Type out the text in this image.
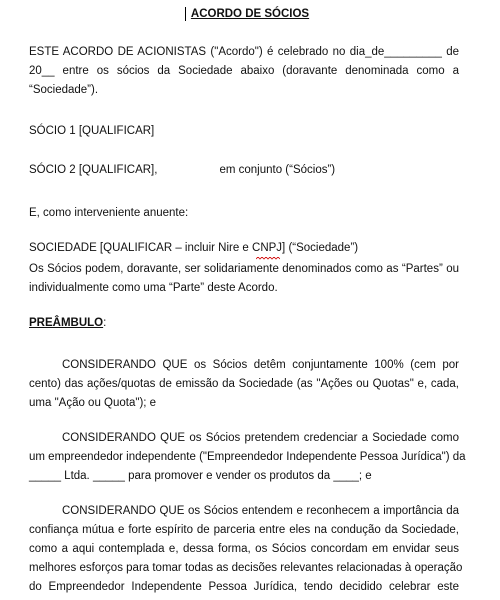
ACORDO DE SÓCIOS
ESTE ACORDO DE ACIONISTAS ("Acordo") é celebrado no dia_de_________ de
20__ entre os sócios da Sociedade abaixo (doravante denominada como a
“Sociedade”).
SÓCIO 1 [QUALIFICAR]
SÓCIO 2 [QUALIFICAR],	em conjunto (“Sócios”)
E, como interveniente anuente:
SOCIEDADE [QUALIFICAR – incluir Nire e CNPJ] (“Sociedade”)
Os Sócios podem, doravante, ser solidariamente denominados como as “Partes” ou
individualmente como uma “Parte” deste Acordo.
PREÂMBULO:
CONSIDERANDO QUE os Sócios detêm conjuntamente 100% (cem por
cento) das ações/quotas de emissão da Sociedade (as "Ações ou Quotas" e, cada,
uma "Ação ou Quota"); e
CONSIDERANDO QUE os Sócios pretendem credenciar a Sociedade como
um empreendedor independente ("Empreendedor Independente Pessoa Jurídica") da
_____ Ltda. _____ para promover e vender os produtos da ____; e
CONSIDERANDO QUE os Sócios entendem e reconhecem a importância da
confiança mútua e forte espírito de parceria entre eles na condução da Sociedade,
como a aqui contemplada e, dessa forma, os Sócios concordam em envidar seus
melhores esforços para tomar todas as decisões relevantes relacionadas à operação
do Empreendedor Independente Pessoa Jurídica, tendo decidido celebrar este
